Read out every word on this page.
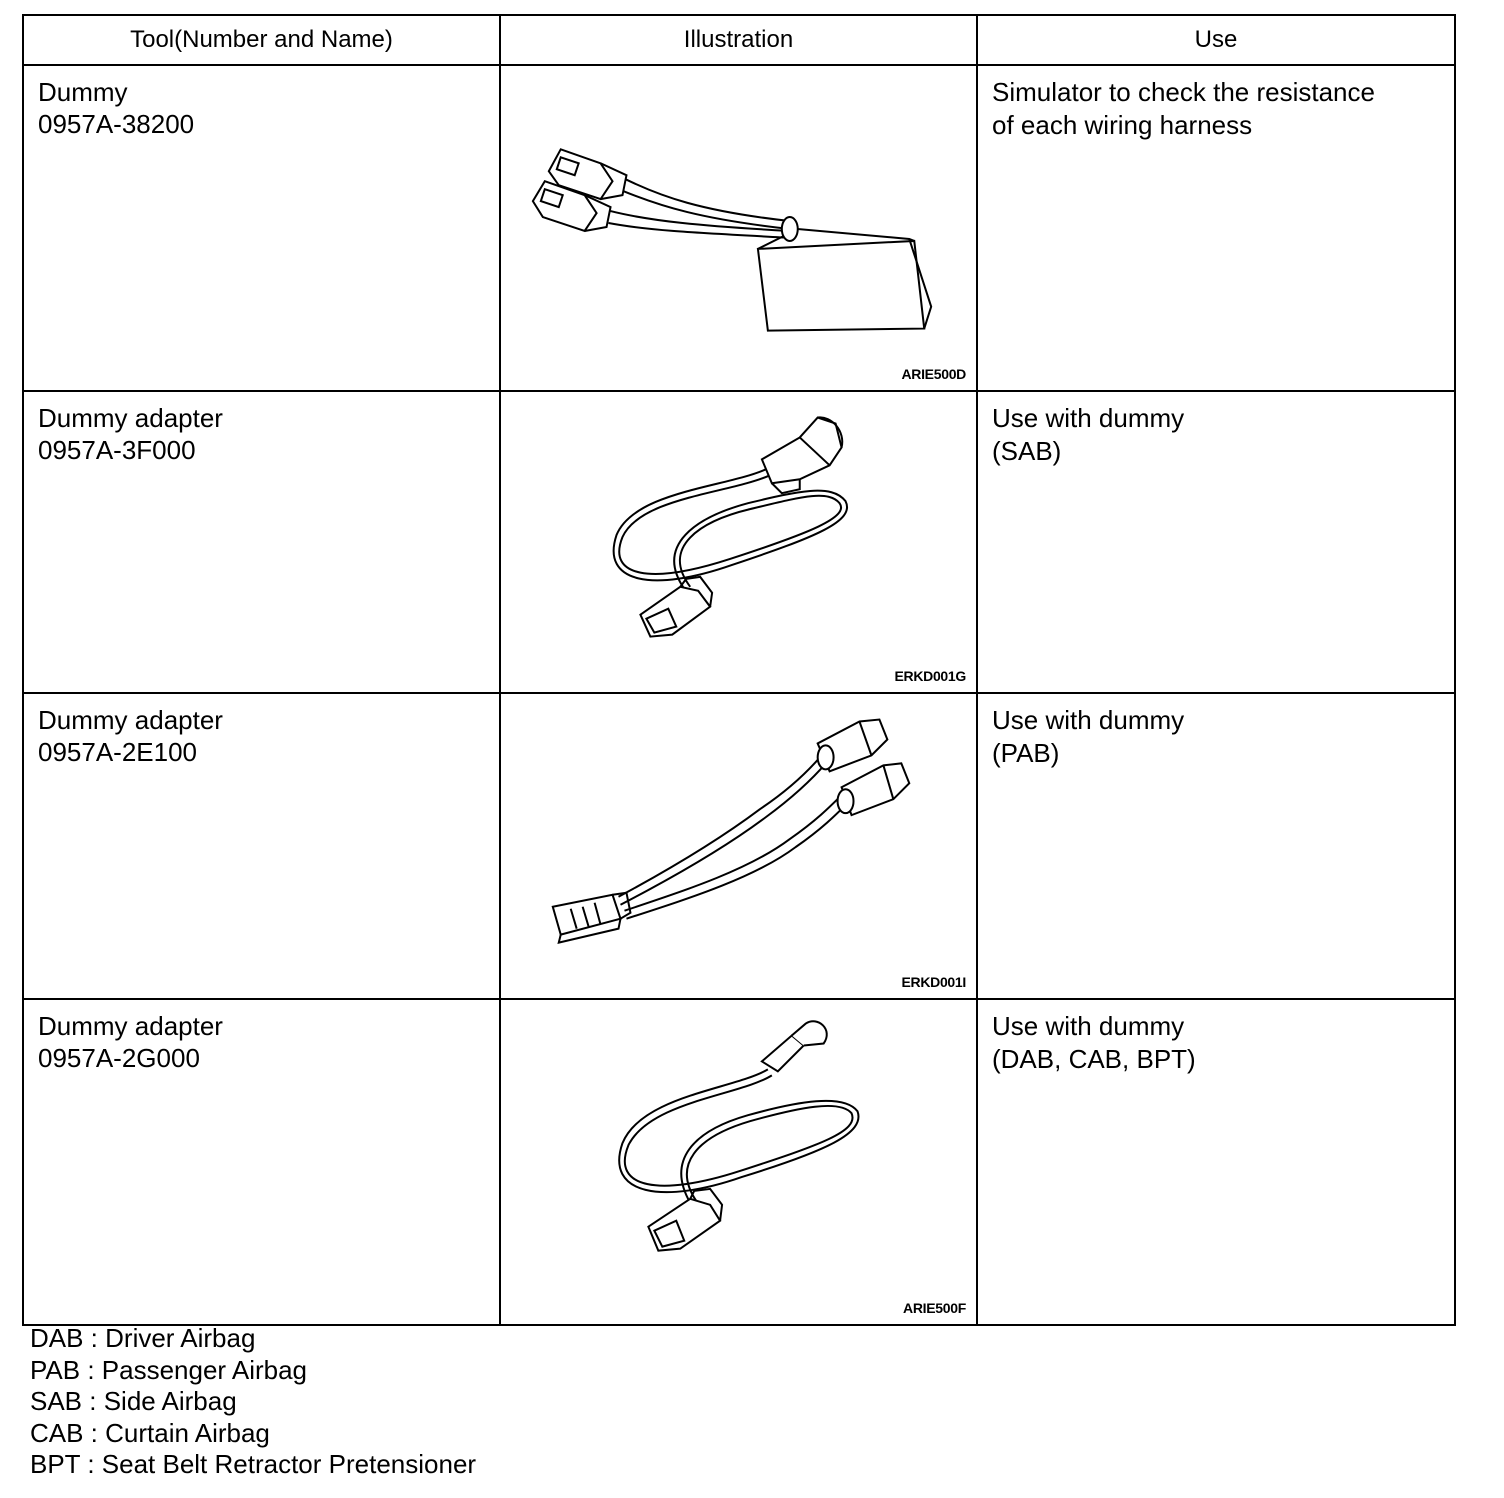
Tool(Number and Name)	Illustration	Use

Dummy
0957A-38200	ARIE500D	Simulator to check the resistance
of each wiring harness

Dummy adapter
0957A-3F000	ERKD001G	Use with dummy
(SAB)

Dummy adapter
0957A-2E100	ERKD001I	Use with dummy
(PAB)

Dummy adapter
0957A-2G000	ARIE500F	Use with dummy
(DAB, CAB, BPT)
DAB : Driver Airbag
PAB : Passenger Airbag
SAB : Side Airbag
CAB : Curtain Airbag
BPT : Seat Belt Retractor Pretensioner
